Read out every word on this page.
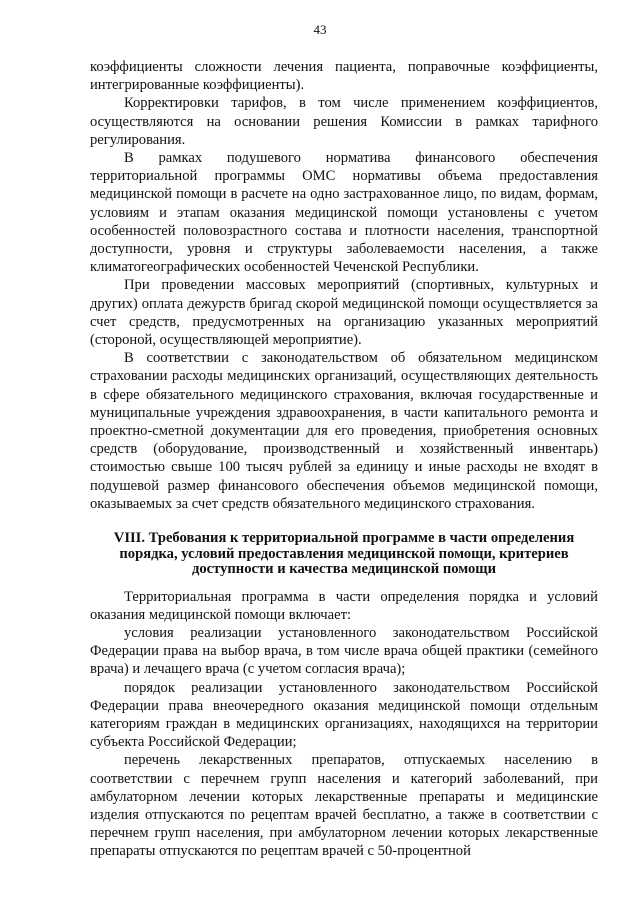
43

коэффициенты сложности лечения пациента, поправочные коэффициенты, интегрированные коэффициенты).

Корректировки тарифов, в том числе применением коэффициентов, осуществляются на основании решения Комиссии в рамках тарифного регулирования.

В рамках подушевого норматива финансового обеспечения территориальной программы ОМС нормативы объема предоставления медицинской помощи в расчете на одно застрахованное лицо, по видам, формам, условиям и этапам оказания медицинской помощи установлены с учетом особенностей половозрастного состава и плотности населения, транспортной доступности, уровня и структуры заболеваемости населения, а также климатогеографических особенностей Чеченской Республики.

При проведении массовых мероприятий (спортивных, культурных и других) оплата дежурств бригад скорой медицинской помощи осуществляется за счет средств, предусмотренных на организацию указанных мероприятий (стороной, осуществляющей мероприятие).

В соответствии с законодательством об обязательном медицинском страховании расходы медицинских организаций, осуществляющих деятельность в сфере обязательного медицинского страхования, включая государственные и муниципальные учреждения здравоохранения, в части капитального ремонта и проектно-сметной документации для его проведения, приобретения основных средств (оборудование, производственный и хозяйственный инвентарь) стоимостью свыше 100 тысяч рублей за единицу и иные расходы не входят в подушевой размер финансового обеспечения объемов медицинской помощи, оказываемых за счет средств обязательного медицинского страхования.

VIII. Требования к территориальной программе в части определения
порядка, условий предоставления медицинской помощи, критериев
доступности и качества медицинской помощи

Территориальная программа в части определения порядка и условий оказания медицинской помощи включает:

условия реализации установленного законодательством Российской Федерации права на выбор врача, в том числе врача общей практики (семейного врача) и лечащего врача (с учетом согласия врача);

порядок реализации установленного законодательством Российской Федерации права внеочередного оказания медицинской помощи отдельным категориям граждан в медицинских организациях, находящихся на территории субъекта Российской Федерации;

перечень лекарственных препаратов, отпускаемых населению в соответствии с перечнем групп населения и категорий заболеваний, при амбулаторном лечении которых лекарственные препараты и медицинские изделия отпускаются по рецептам врачей бесплатно, а также в соответствии с перечнем групп населения, при амбулаторном лечении которых лекарственные препараты отпускаются по рецептам врачей с 50-процентной
